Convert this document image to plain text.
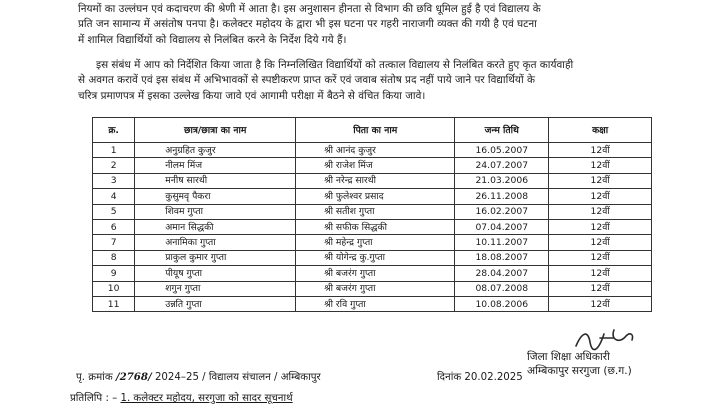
नियमों का उल्लंघन एवं कदाचरण की श्रेणी में आता है। इस अनुशासन हीनता से विभाग की छवि धूमिल हुई है एवं विद्यालय के
प्रति जन सामान्य में असंतोष पनपा है। कलेक्टर महोदय के द्वारा भी इस घटना पर गहरी नाराजगी व्यक्त की गयी है एवं घटना
में शामिल विद्यार्थियों को विद्यालय से निलंबित करने के निर्देश दिये गये हैं।
इस संबंध में आप को निर्देशित किया जाता है कि निम्नलिखित विद्यार्थियों को तत्काल विद्यालय से निलंबित करते हुए कृत कार्यवाही
से अवगत करावें एवं इस संबंध में अभिभावकों से स्पष्टीकरण प्राप्त करें एवं जवाब संतोष प्रद नहीं पाये जाने पर विद्यार्थियों के
चरित्र प्रमाणपत्र में इसका उल्लेख किया जावे एवं आगामी परीक्षा में बैठने से वंचित किया जावे।
क्र.	छात्र/छात्रा का नाम	पिता का नाम	जन्म तिथि	कक्षा
1	अनुग्रहित कुजुर	श्री आनंद कुजुर	16.05.2007	12वीं
2	नीलम मिंज	श्री राजेश मिंज	24.07.2007	12वीं
3	मनीष सारथी	श्री नरेन्द्र सारथी	21.03.2006	12वीं
4	कुसुमवृ पैकरा	श्री फुलेश्वर प्रसाद	26.11.2008	12वीं
5	शिवम गुप्ता	श्री सतीश गुप्ता	16.02.2007	12वीं
6	अमान सिद्धकी	श्री सफीक सिद्धकी	07.04.2007	12वीं
7	अनामिका गुप्ता	श्री महेन्द्र गुप्ता	10.11.2007	12वीं
8	प्राकुल कुमार गुप्ता	श्री योगेन्द्र कु.गुप्ता	18.08.2007	12वीं
9	पीयूष गुप्ता	श्री बजरंग गुप्ता	28.04.2007	12वीं
10	शगुन गुप्ता	श्री बजरंग गुप्ता	08.07.2008	12वीं
11	उन्नति गुप्ता	श्री रवि गुप्ता	10.08.2006	12वीं
जिला शिक्षा अधिकारी
अम्बिकापुर सरगुजा (छ.ग.)
पृ. क्रमांक /2768/ 2024–25 / विद्यालय संचालन / अम्बिकापुर	दिनांक 20.02.2025
प्रतिलिपि : – 1. कलेक्टर महोदय, सरगुजा को सादर सूचनार्थ
